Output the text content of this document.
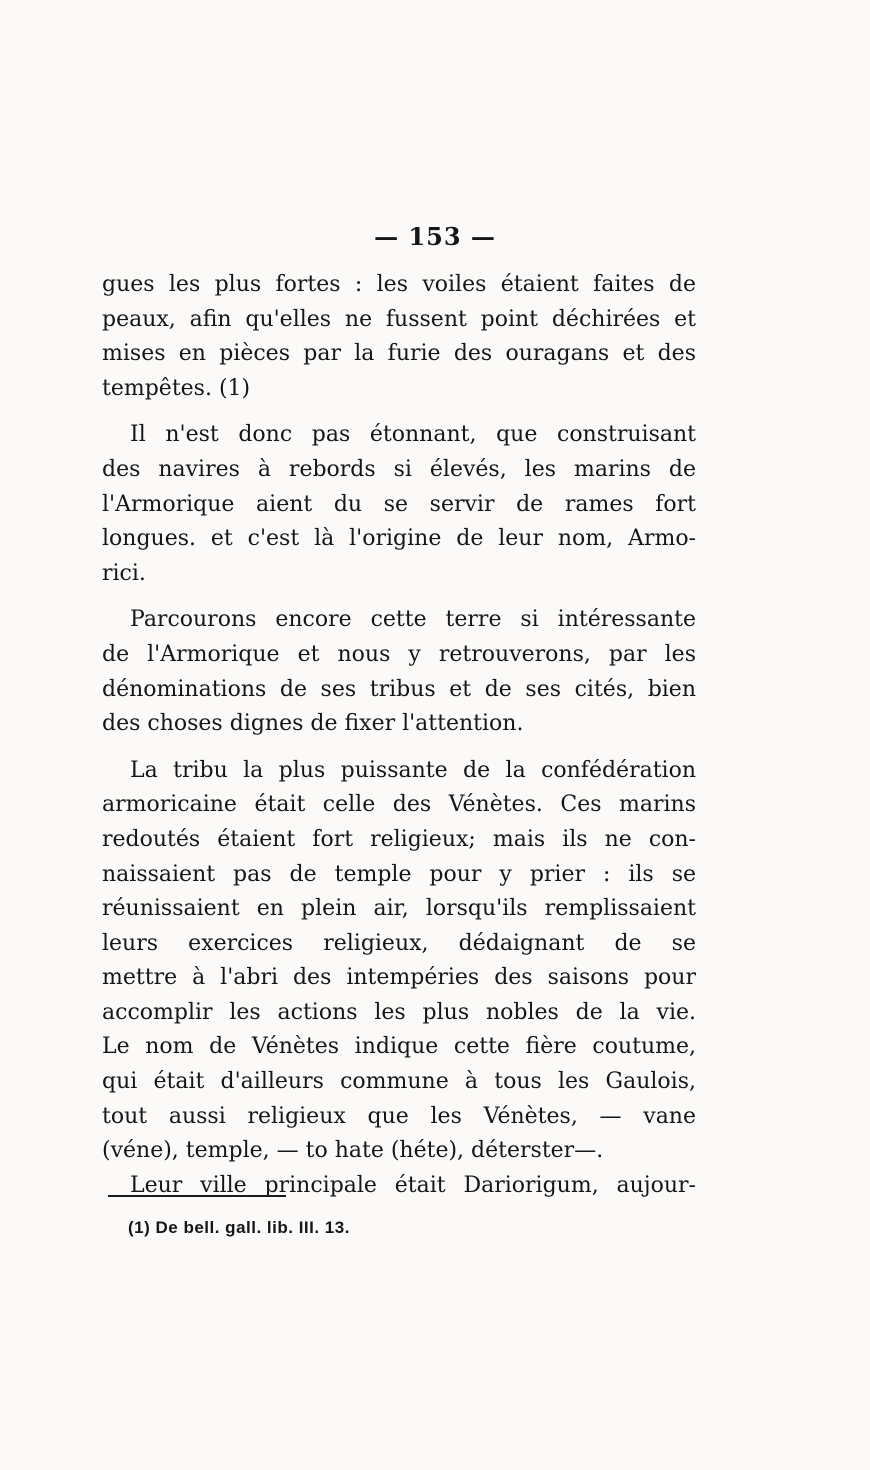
— 153 —
gues les plus fortes : les voiles étaient faites de
peaux, afin qu'elles ne fussent point déchirées et
mises en pièces par la furie des ouragans et des
tempêtes. (1)
Il n'est donc pas étonnant, que construisant
des navires à rebords si élevés, les marins de
l'Armorique aient du se servir de rames fort
longues. et c'est là l'origine de leur nom, Armo-
rici.
Parcourons encore cette terre si intéressante
de l'Armorique et nous y retrouverons, par les
dénominations de ses tribus et de ses cités, bien
des choses dignes de fixer l'attention.
La tribu la plus puissante de la confédération
armoricaine était celle des Vénètes. Ces marins
redoutés étaient fort religieux; mais ils ne con-
naissaient pas de temple pour y prier : ils se
réunissaient en plein air, lorsqu'ils remplissaient
leurs exercices religieux, dédaignant de se
mettre à l'abri des intempéries des saisons pour
accomplir les actions les plus nobles de la vie.
Le nom de Vénètes indique cette fière coutume,
qui était d'ailleurs commune à tous les Gaulois,
tout aussi religieux que les Vénètes, — vane
(véne), temple, — to hate (héte), déterster—.
Leur ville principale était Dariorigum, aujour-
(1) De bell. gall. lib. III. 13.
